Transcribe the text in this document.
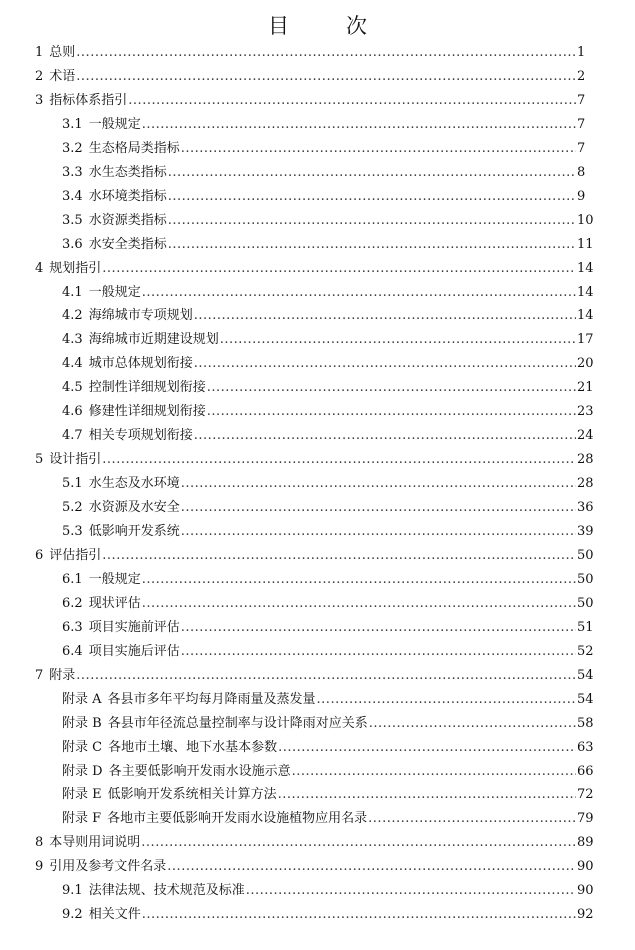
目　次
1 总则 .....	1
2 术语 .....	2
3 指标体系指引 .....	7
3.1 一般规定 .....	7
3.2 生态格局类指标 .....	7
3.3 水生态类指标 .....	8
3.4 水环境类指标 .....	9
3.5 水资源类指标 .....	10
3.6 水安全类指标 .....	11
4 规划指引 .....	14
4.1 一般规定 .....	14
4.2 海绵城市专项规划 .....	14
4.3 海绵城市近期建设规划 .....	17
4.4 城市总体规划衔接 .....	20
4.5 控制性详细规划衔接 .....	21
4.6 修建性详细规划衔接 .....	23
4.7 相关专项规划衔接 .....	24
5 设计指引 .....	28
5.1 水生态及水环境 .....	28
5.2 水资源及水安全 .....	36
5.3 低影响开发系统 .....	39
6 评估指引 .....	50
6.1 一般规定 .....	50
6.2 现状评估 .....	50
6.3 项目实施前评估 .....	51
6.4 项目实施后评估 .....	52
7 附录 .....	54
附录 A 各县市多年平均每月降雨量及蒸发量 .....	54
附录 B 各县市年径流总量控制率与设计降雨对应关系 .....	58
附录 C 各地市土壤、地下水基本参数 .....	63
附录 D 各主要低影响开发雨水设施示意 .....	66
附录 E 低影响开发系统相关计算方法 .....	72
附录 F 各地市主要低影响开发雨水设施植物应用名录 .....	79
8 本导则用词说明 .....	89
9 引用及参考文件名录 .....	90
9.1 法律法规、技术规范及标准 .....	90
9.2 相关文件 .....	92
